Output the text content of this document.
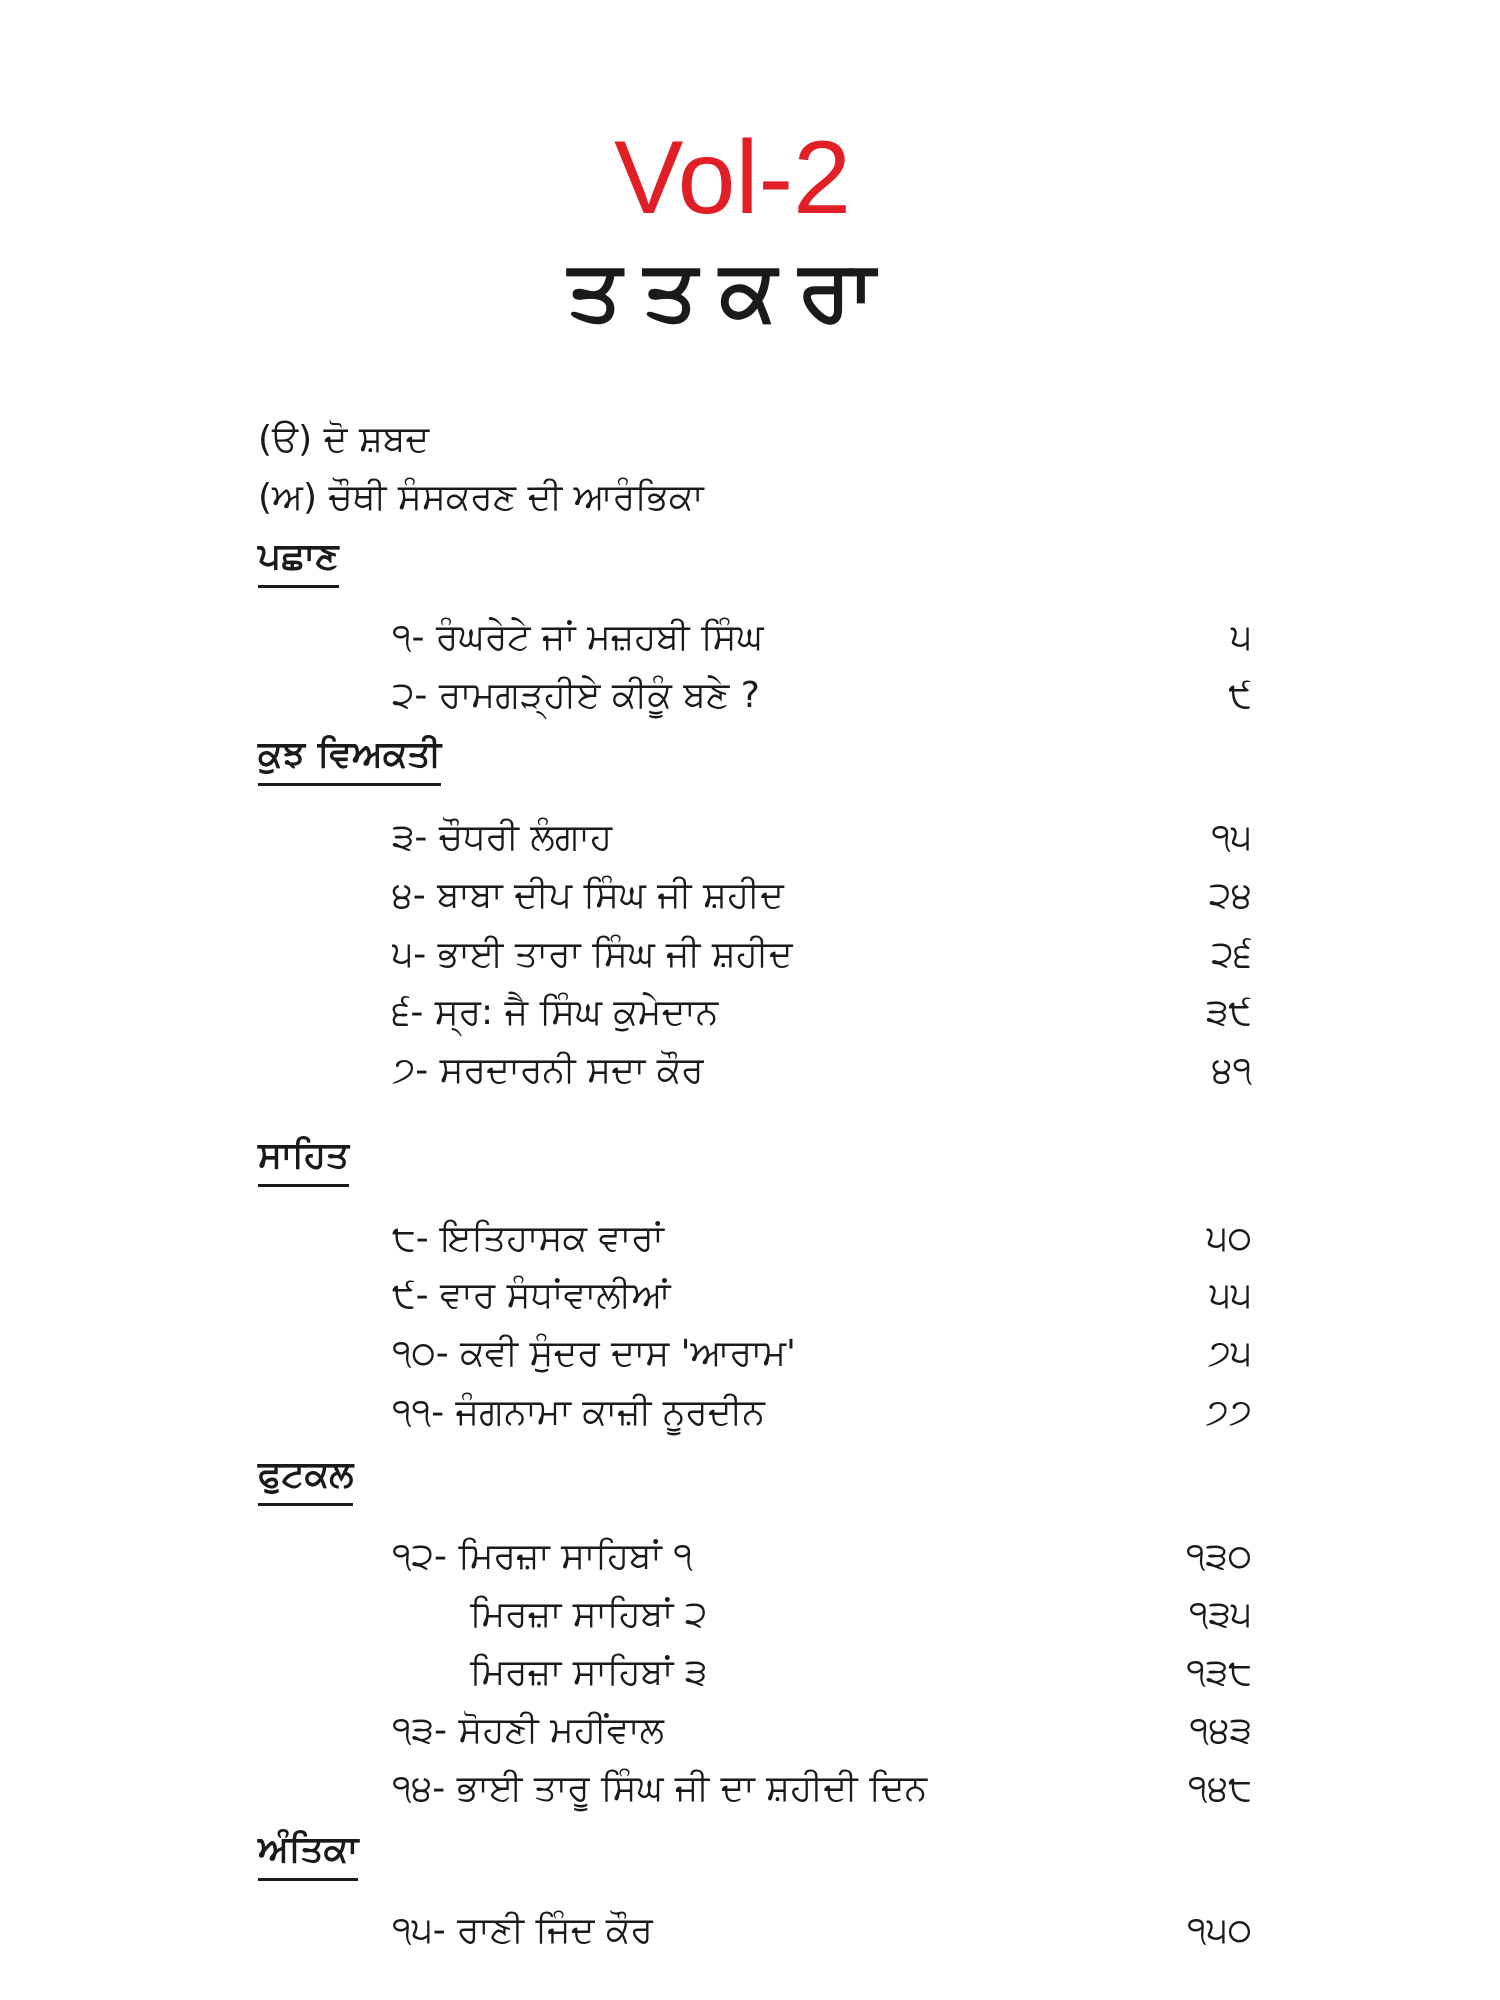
Vol-2
ਤਤਕਰਾ
(ੳ) ਦੋ ਸ਼ਬਦ
(ਅ) ਚੌਥੀ ਸੰਸਕਰਣ ਦੀ ਆਰੰਭਿਕਾ
ਪਛਾਣ
੧- ਰੰਘਰੇਟੇ ਜਾਂ ਮਜ਼ਹਬੀ ਸਿੰਘ	੫
੨- ਰਾਮਗੜ੍ਹੀਏ ਕੀਕੂੰ ਬਣੇ ?	੯
ਕੁਝ ਵਿਅਕਤੀ
੩- ਚੌਧਰੀ ਲੰਗਾਹ	੧੫
੪- ਬਾਬਾ ਦੀਪ ਸਿੰਘ ਜੀ ਸ਼ਹੀਦ	੨੪
੫- ਭਾਈ ਤਾਰਾ ਸਿੰਘ ਜੀ ਸ਼ਹੀਦ	੨੬
੬- ਸ੍ਰ: ਜੈ ਸਿੰਘ ਕੁਮੇਦਾਨ	੩੯
੭- ਸਰਦਾਰਨੀ ਸਦਾ ਕੌਰ	੪੧
ਸਾਹਿਤ
੮- ਇਤਿਹਾਸਕ ਵਾਰਾਂ	੫੦
੯- ਵਾਰ ਸੰਧਾਂਵਾਲੀਆਂ	੫੫
੧੦- ਕਵੀ ਸੁੰਦਰ ਦਾਸ 'ਆਰਾਮ'	੭੫
੧੧- ਜੰਗਨਾਮਾ ਕਾਜ਼ੀ ਨੂਰਦੀਨ	੭੭
ਫੁਟਕਲ
੧੨- ਮਿਰਜ਼ਾ ਸਾਹਿਬਾਂ ੧	੧੩੦
ਮਿਰਜ਼ਾ ਸਾਹਿਬਾਂ ੨	੧੩੫
ਮਿਰਜ਼ਾ ਸਾਹਿਬਾਂ ੩	੧੩੮
੧੩- ਸੋਹਣੀ ਮਹੀਂਵਾਲ	੧੪੩
੧੪- ਭਾਈ ਤਾਰੂ ਸਿੰਘ ਜੀ ਦਾ ਸ਼ਹੀਦੀ ਦਿਨ	੧੪੮
ਅੰਤਿਕਾ
੧੫- ਰਾਣੀ ਜਿੰਦ ਕੌਰ	੧੫੦
